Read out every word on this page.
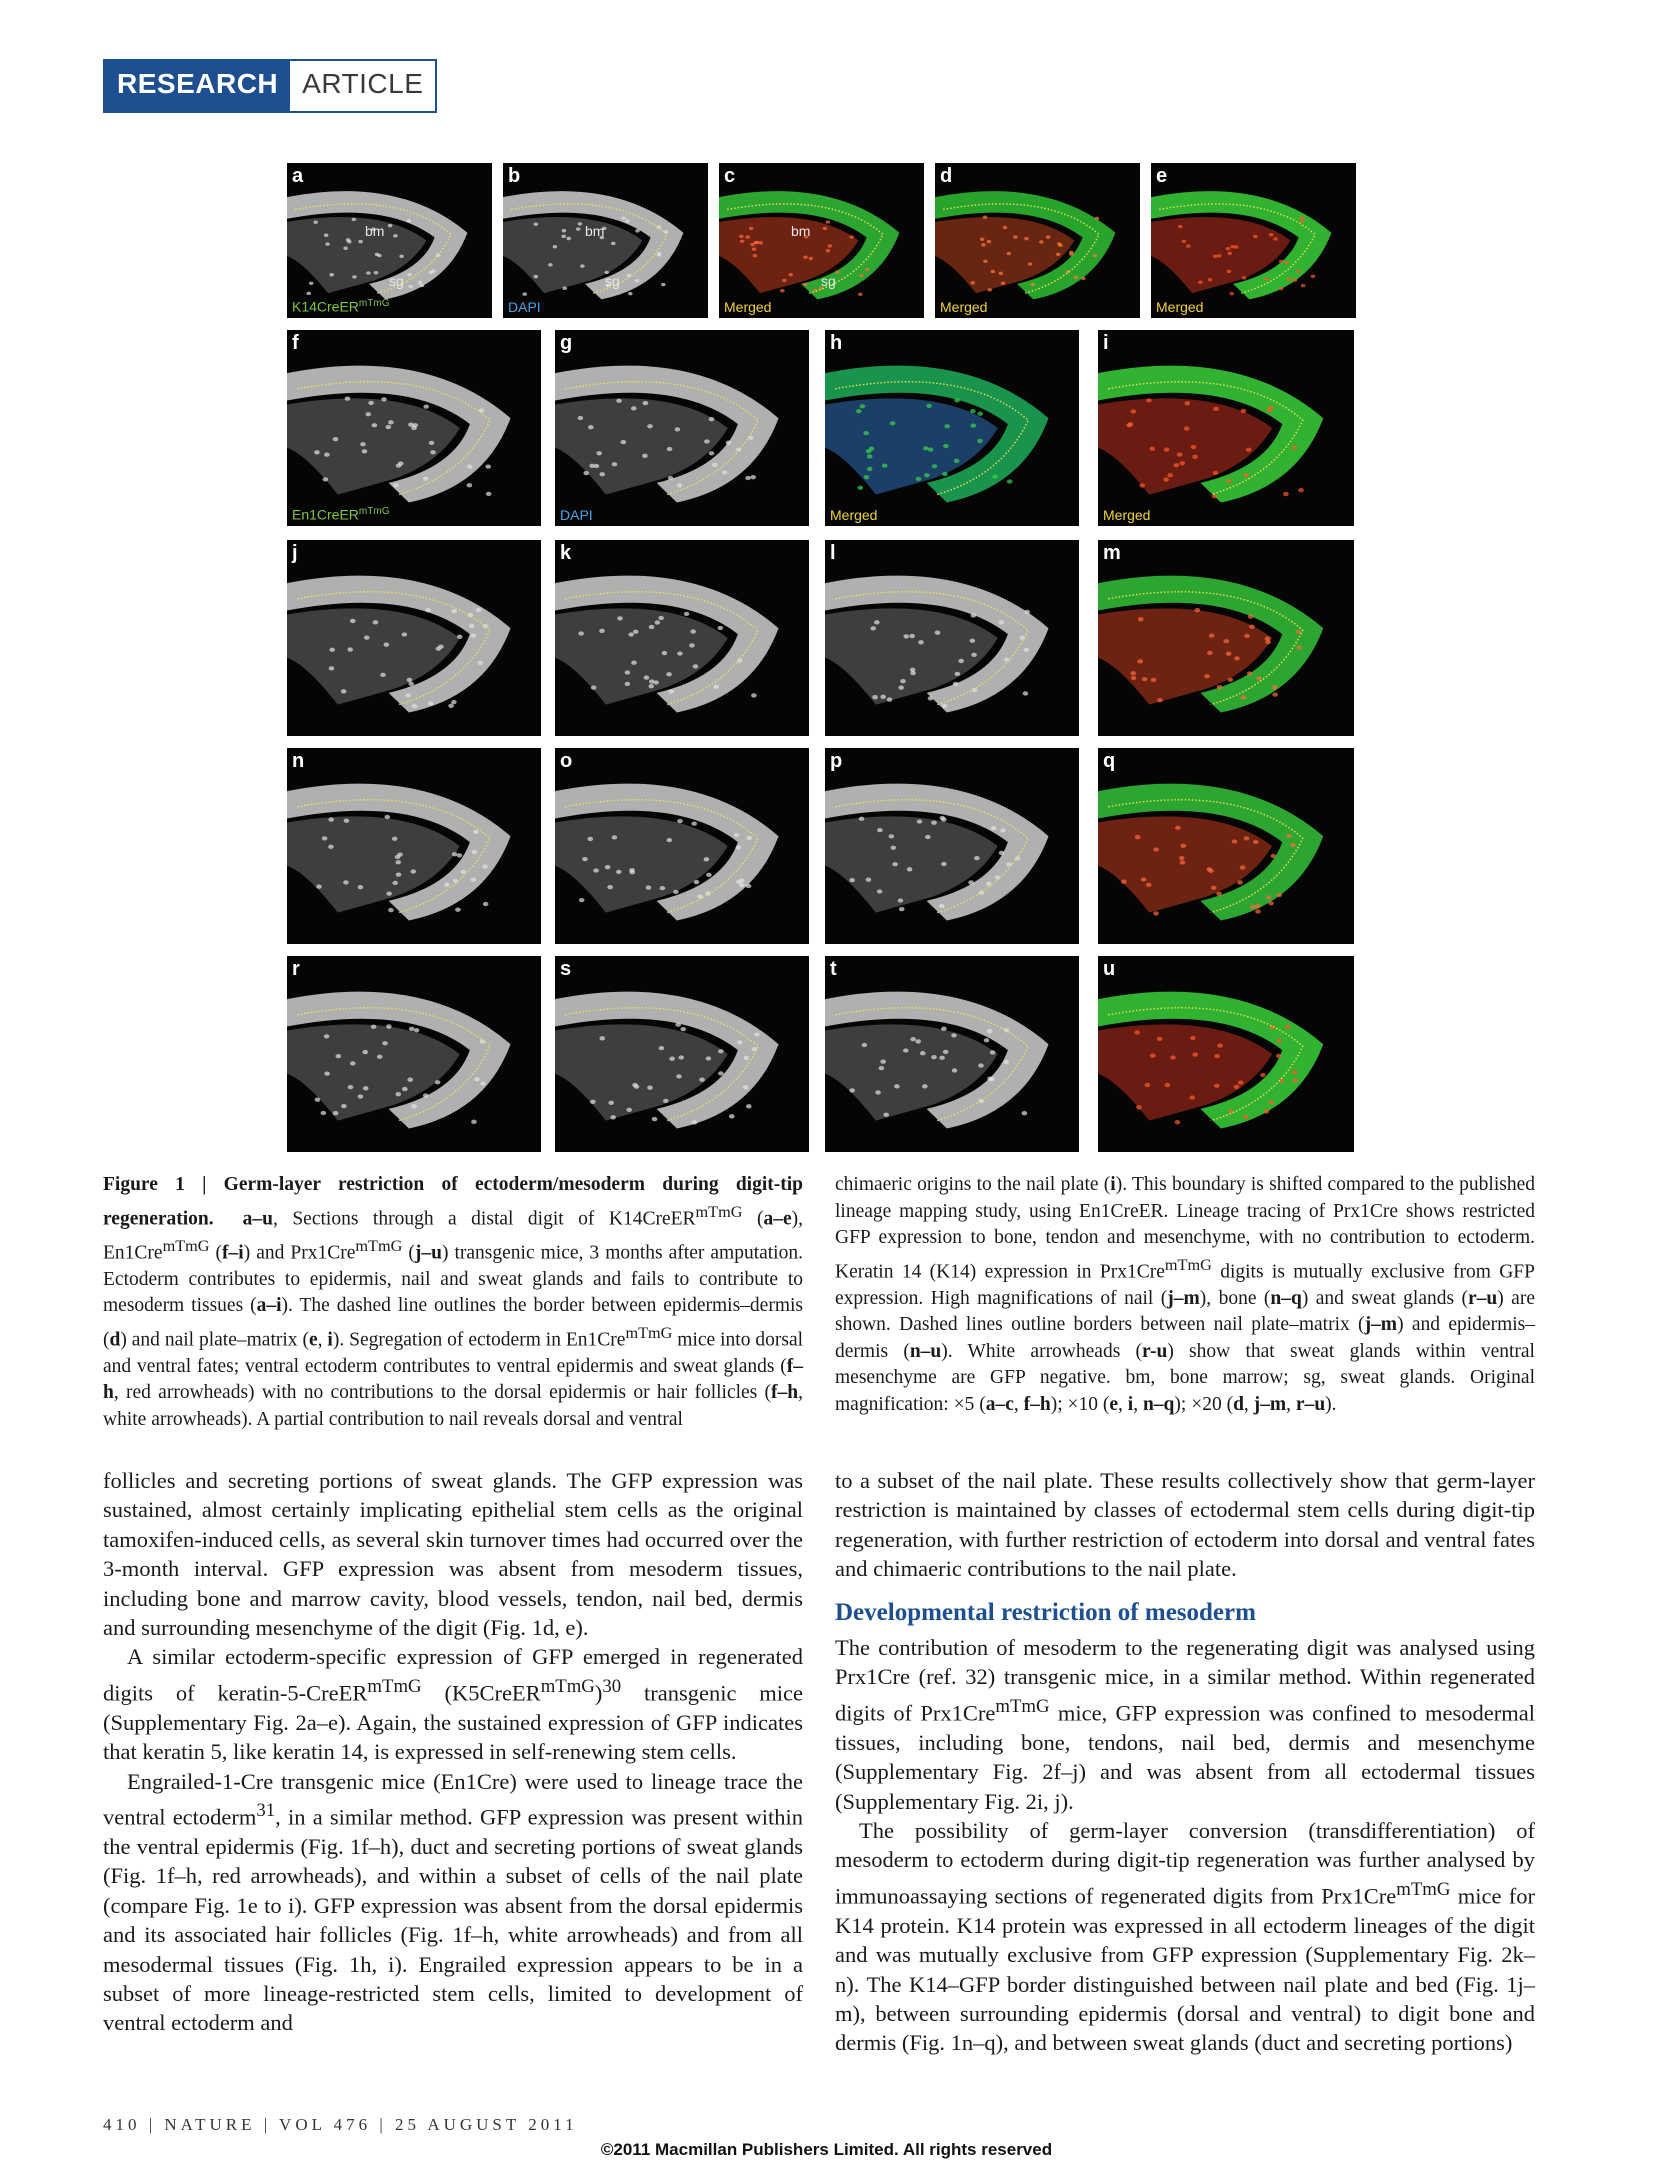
RESEARCH ARTICLE
a
K14CreER$^{mTmG}$
bm
sg
b
DAPI
bm
sg
c
Merged
bm
sg
d
Merged
e
Merged
f
En1CreER$^{mTmG}$
g
DAPI
h
Merged
i
Merged
j	k	l	m
n	o	p	q
r	s	t	u
Figure 1 | Germ-layer restriction of ectoderm/mesoderm during digit-tip regeneration. a–u, Sections through a distal digit of K14CreER$^{mTmG}$ (a–e), En1Cre$^{mTmG}$ (f–i) and Prx1Cre$^{mTmG}$ (j–u) transgenic mice, 3 months after amputation. Ectoderm contributes to epidermis, nail and sweat glands and fails to contribute to mesoderm tissues (a–i). The dashed line outlines the border between epidermis–dermis (d) and nail plate–matrix (e, i). Segregation of ectoderm in En1Cre$^{mTmG}$ mice into dorsal and ventral fates; ventral ectoderm contributes to ventral epidermis and sweat glands (f–h, red arrowheads) with no contributions to the dorsal epidermis or hair follicles (f–h, white arrowheads). A partial contribution to nail reveals dorsal and ventral
chimaeric origins to the nail plate (i). This boundary is shifted compared to the published lineage mapping study, using En1CreER. Lineage tracing of Prx1Cre shows restricted GFP expression to bone, tendon and mesenchyme, with no contribution to ectoderm. Keratin 14 (K14) expression in Prx1Cre$^{mTmG}$ digits is mutually exclusive from GFP expression. High magnifications of nail (j–m), bone (n–q) and sweat glands (r–u) are shown. Dashed lines outline borders between nail plate–matrix (j–m) and epidermis–dermis (n–u). White arrowheads (r-u) show that sweat glands within ventral mesenchyme are GFP negative. bm, bone marrow; sg, sweat glands. Original magnification: ×5 (a–c, f–h); ×10 (e, i, n–q); ×20 (d, j–m, r–u).

follicles and secreting portions of sweat glands. The GFP expression was sustained, almost certainly implicating epithelial stem cells as the original tamoxifen-induced cells, as several skin turnover times had occurred over the 3-month interval. GFP expression was absent from mesoderm tissues, including bone and marrow cavity, blood vessels, tendon, nail bed, dermis and surrounding mesenchyme of the digit (Fig. 1d, e).

A similar ectoderm-specific expression of GFP emerged in regenerated digits of keratin-5-CreER$^{mTmG}$ (K5CreER$^{mTmG}$)$^{30}$ transgenic mice (Supplementary Fig. 2a–e). Again, the sustained expression of GFP indicates that keratin 5, like keratin 14, is expressed in self-renewing stem cells.

Engrailed-1-Cre transgenic mice (En1Cre) were used to lineage trace the ventral ectoderm$^{31}$, in a similar method. GFP expression was present within the ventral epidermis (Fig. 1f–h), duct and secreting portions of sweat glands (Fig. 1f–h, red arrowheads), and within a subset of cells of the nail plate (compare Fig. 1e to i). GFP expression was absent from the dorsal epidermis and its associated hair follicles (Fig. 1f–h, white arrowheads) and from all mesodermal tissues (Fig. 1h, i). Engrailed expression appears to be in a subset of more lineage-restricted stem cells, limited to development of ventral ectoderm and

to a subset of the nail plate. These results collectively show that germ-layer restriction is maintained by classes of ectodermal stem cells during digit-tip regeneration, with further restriction of ectoderm into dorsal and ventral fates and chimaeric contributions to the nail plate.

Developmental restriction of mesoderm

The contribution of mesoderm to the regenerating digit was analysed using Prx1Cre (ref. 32) transgenic mice, in a similar method. Within regenerated digits of Prx1Cre$^{mTmG}$ mice, GFP expression was confined to mesodermal tissues, including bone, tendons, nail bed, dermis and mesenchyme (Supplementary Fig. 2f–j) and was absent from all ectodermal tissues (Supplementary Fig. 2i, j).

The possibility of germ-layer conversion (transdifferentiation) of mesoderm to ectoderm during digit-tip regeneration was further analysed by immunoassaying sections of regenerated digits from Prx1Cre$^{mTmG}$ mice for K14 protein. K14 protein was expressed in all ectoderm lineages of the digit and was mutually exclusive from GFP expression (Supplementary Fig. 2k–n). The K14–GFP border distinguished between nail plate and bed (Fig. 1j–m), between surrounding epidermis (dorsal and ventral) to digit bone and dermis (Fig. 1n–q), and between sweat glands (duct and secreting portions)

410 | NATURE | VOL 476 | 25 AUGUST 2011
©2011 Macmillan Publishers Limited. All rights reserved
